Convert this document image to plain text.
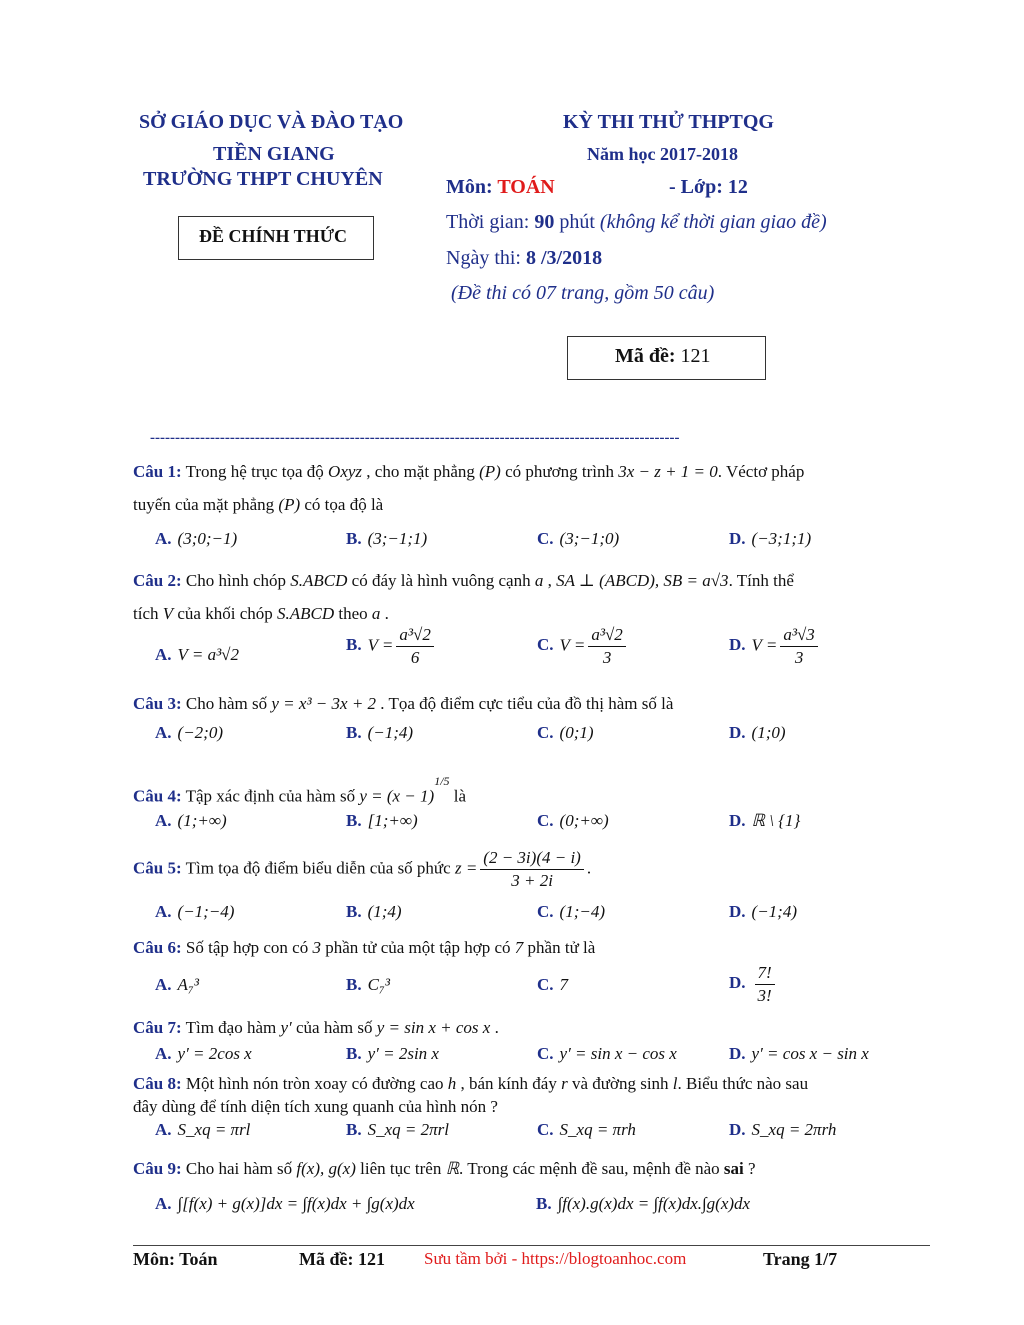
SỞ GIÁO DỤC VÀ ĐÀO TẠO
TIỀN GIANG
TRƯỜNG THPT CHUYÊN
ĐỀ CHÍNH THỨC
KỲ THI THỬ THPTQG
Năm học 2017-2018
Môn: TOÁN	- Lớp: 12
Thời gian: 90 phút (không kể thời gian giao đề)
Ngày thi: 8 /3/2018
(Đề thi có 07 trang, gồm 50 câu)
Mã đề: 121
----------------------------------------------------------------------------------------------------------
Câu 1: Trong hệ trục tọa độ Oxyz , cho mặt phẳng (P) có phương trình 3x − z + 1 = 0. Véctơ pháp
tuyến của mặt phẳng (P) có tọa độ là
A. (3;0;−1)	B. (3;−1;1)	C. (3;−1;0)	D. (−3;1;1)
Câu 2: Cho hình chóp S.ABCD có đáy là hình vuông cạnh a , SA ⊥ (ABCD), SB = a√3. Tính thể
tích V của khối chóp S.ABCD theo a .
A. V = a³√2
B. $V = \frac{\text{a³√2}}{6}$	C. $V = \frac{\text{a³√2}}{3}$	D. $V = \frac{\text{a³√3}}{3}$
Câu 3: Cho hàm số y = x³ − 3x + 2 . Tọa độ điểm cực tiểu của đồ thị hàm số là
A. (−2;0)	B. (−1;4)	C. (0;1)	D. (1;0)
Câu 4: Tập xác định của hàm số $y = (x - 1)^{1/5}$ là
A. (1;+∞)	B. [1;+∞)	C. (0;+∞)	D. ℝ \ {1}
Câu 5: Tìm tọa độ điểm biểu diễn của số phức $z = \frac{(2 - 3i)(4 - i)}{3 + 2i}$ .
A. (−1;−4)	B. (1;4)	C. (1;−4)	D. (−1;4)
Câu 6: Số tập hợp con có 3 phần tử của một tập hợp có 7 phần tử là
A. A₇³	B. C₇³	C. 7	D. $\frac{7!}{3!}$
Câu 7: Tìm đạo hàm y′ của hàm số y = sin x + cos x .
A. y′ = 2cos x	B. y′ = 2sin x	C. y′ = sin x − cos x	D. y′ = cos x − sin x
Câu 8: Một hình nón tròn xoay có đường cao h , bán kính đáy r và đường sinh l. Biểu thức nào sau
đây dùng để tính diện tích xung quanh của hình nón ?
A. S_xq = πrl	B. S_xq = 2πrl	C. S_xq = πrh	D. S_xq = 2πrh
Câu 9: Cho hai hàm số f(x), g(x) liên tục trên ℝ. Trong các mệnh đề sau, mệnh đề nào sai ?
A. ∫[f(x) + g(x)]dx = ∫f(x)dx + ∫g(x)dx	B. ∫f(x).g(x)dx = ∫f(x)dx.∫g(x)dx
Môn: Toán	Mã đề: 121 Sưu tầm bởi - https://blogtoanhoc.com	Trang 1/7
